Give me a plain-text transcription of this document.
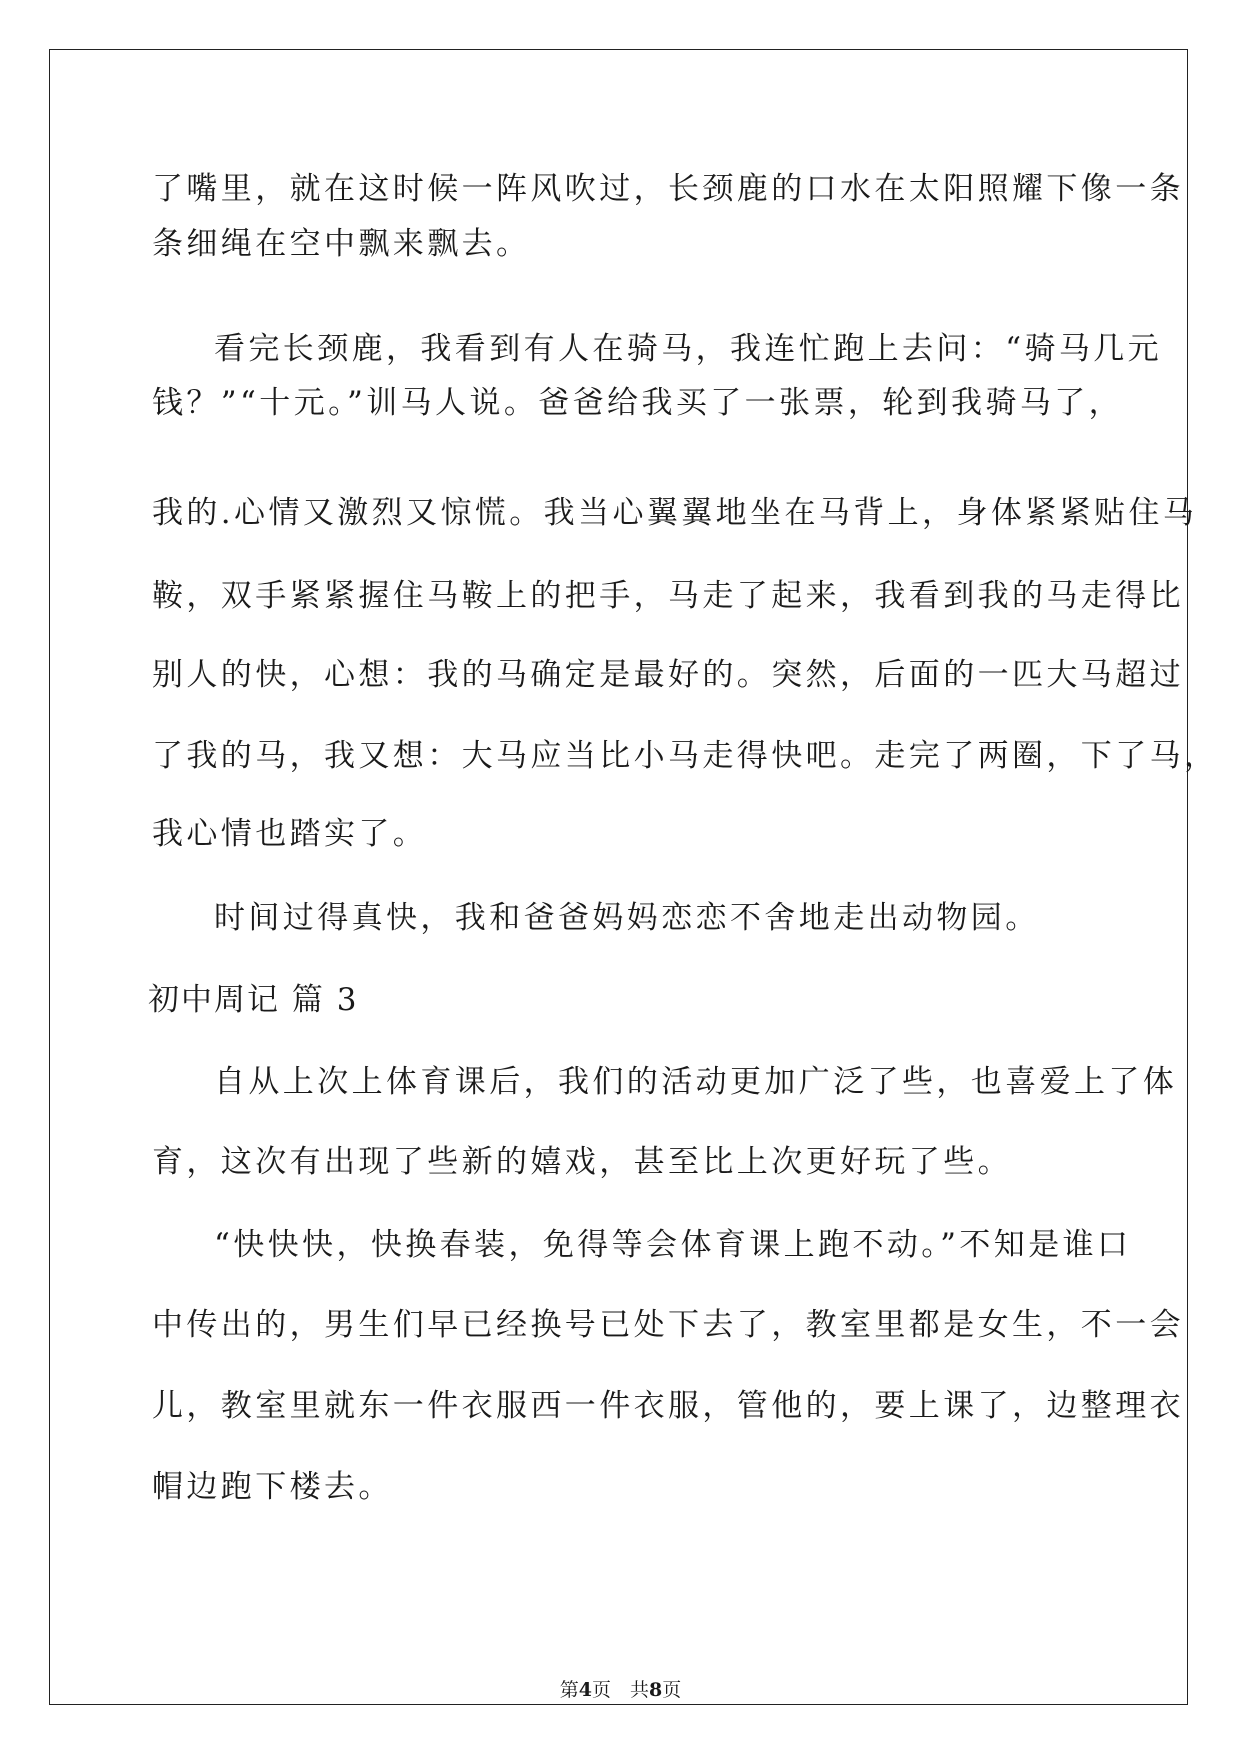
了嘴里，就在这时候一阵风吹过，长颈鹿的口水在太阳照耀下像一条
条细绳在空中飘来飘去。
看完长颈鹿，我看到有人在骑马，我连忙跑上去问：“骑马几元
钱？”“十元。”训马人说。爸爸给我买了一张票，轮到我骑马了，
我的.心情又激烈又惊慌。我当心翼翼地坐在马背上，身体紧紧贴住马
鞍，双手紧紧握住马鞍上的把手，马走了起来，我看到我的马走得比
别人的快，心想：我的马确定是最好的。突然，后面的一匹大马超过
了我的马，我又想：大马应当比小马走得快吧。走完了两圈，下了马，
我心情也踏实了。
时间过得真快，我和爸爸妈妈恋恋不舍地走出动物园。
初中周记 篇 3
自从上次上体育课后，我们的活动更加广泛了些，也喜爱上了体
育，这次有出现了些新的嬉戏，甚至比上次更好玩了些。
“快快快，快换春装，免得等会体育课上跑不动。”不知是谁口
中传出的，男生们早已经换号已处下去了，教室里都是女生，不一会
儿，教室里就东一件衣服西一件衣服，管他的，要上课了，边整理衣
帽边跑下楼去。
第4页　共8页
